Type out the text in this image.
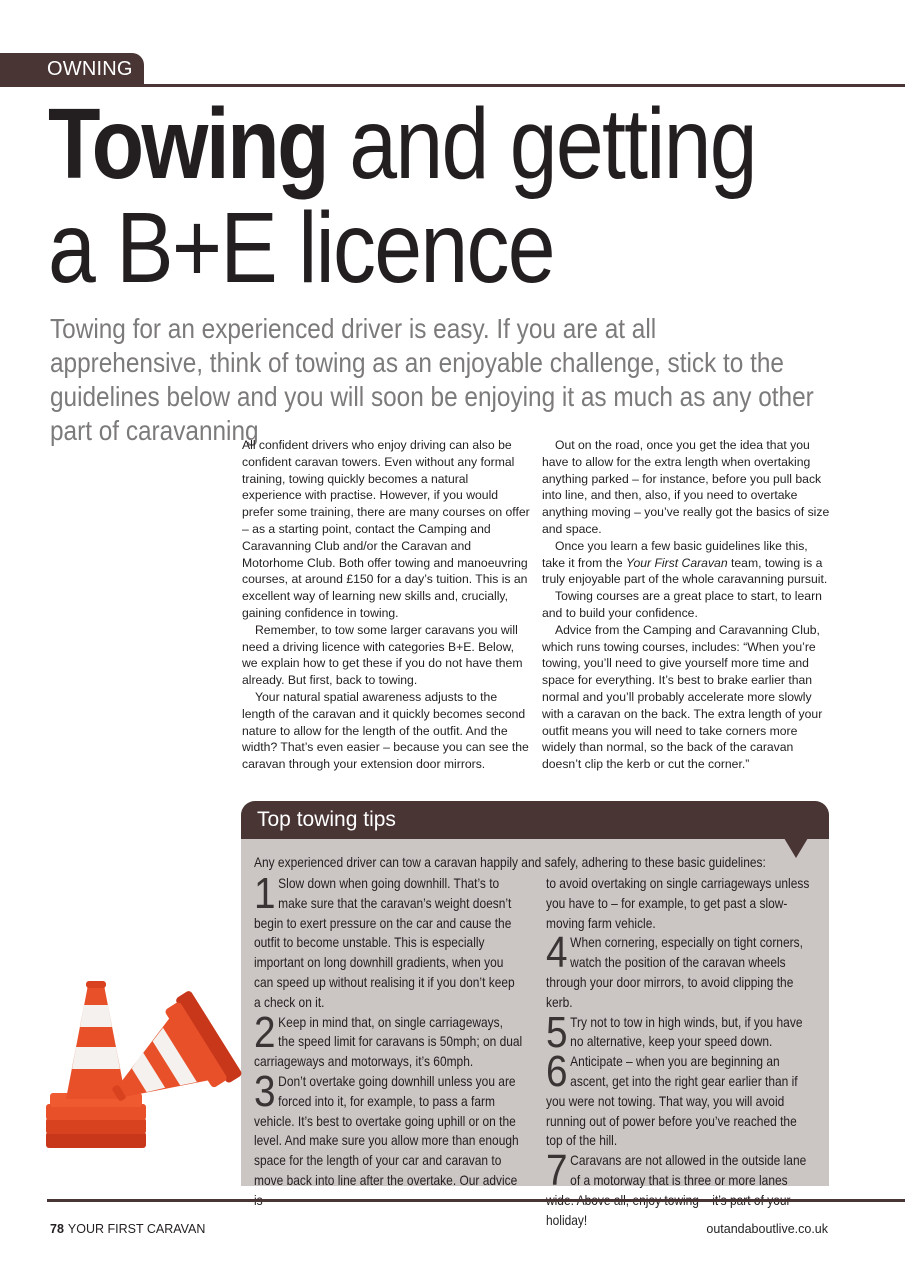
OWNING
Towing and getting
a B+E licence

Towing for an experienced driver is easy. If you are at all apprehensive, think of towing as an enjoyable challenge, stick to the guidelines below and you will soon be enjoying it as much as any other part of caravanning

All confident drivers who enjoy driving can also be confident caravan towers. Even without any formal training, towing quickly becomes a natural experience with practise. However, if you would prefer some training, there are many courses on offer – as a starting point, contact the Camping and Caravanning Club and/or the Caravan and Motorhome Club. Both offer towing and manoeuvring courses, at around £150 for a day’s tuition. This is an excellent way of learning new skills and, crucially, gaining confidence in towing.

Remember, to tow some larger caravans you will need a driving licence with categories B+E. Below, we explain how to get these if you do not have them already. But first, back to towing.

Your natural spatial awareness adjusts to the length of the caravan and it quickly becomes second nature to allow for the length of the outfit. And the width? That’s even easier – because you can see the caravan through your extension door mirrors.

Out on the road, once you get the idea that you have to allow for the extra length when overtaking anything parked – for instance, before you pull back into line, and then, also, if you need to overtake anything moving – you’ve really got the basics of size and space.

Once you learn a few basic guidelines like this, take it from the Your First Caravan team, towing is a truly enjoyable part of the whole caravanning pursuit.

Towing courses are a great place to start, to learn and to build your confidence.

Advice from the Camping and Caravanning Club, which runs towing courses, includes: “When you’re towing, you’ll need to give yourself more time and space for everything. It’s best to brake earlier than normal and you’ll probably accelerate more slowly with a caravan on the back. The extra length of your outfit means you will need to take corners more widely than normal, so the back of the caravan doesn’t clip the kerb or cut the corner.”

Top towing tips
Any experienced driver can tow a caravan happily and safely, adhering to these basic guidelines:

1 Slow down when going downhill. That’s to make sure that the caravan’s weight doesn’t begin to exert pressure on the car and cause the outfit to become unstable. This is especially important on long downhill gradients, when you can speed up without realising it if you don’t keep a check on it.

2 Keep in mind that, on single carriageways, the speed limit for caravans is 50mph; on dual carriageways and motorways, it’s 60mph.

3 Don’t overtake going downhill unless you are forced into it, for example, to pass a farm vehicle. It’s best to overtake going uphill or on the level. And make sure you allow more than enough space for the length of your car and caravan to move back into line after the overtake. Our advice

to avoid overtaking on single carriageways unless you have to – for example, to get past a slow-moving farm vehicle.

4 When cornering, especially on tight corners, watch the position of the caravan wheels through your door mirrors, to avoid clipping the kerb.

5 Try not to tow in high winds, but, if you have no alternative, keep your speed down.

6 Anticipate – when you are beginning an ascent, get into the right gear earlier than if you were not towing. That way, you will avoid running out of power before you’ve reached the top of the hill.

7 Caravans are not allowed in the outside lane of a motorway that is three or more lanes holiday!

78 YOUR FIRST CARAVAN	outandaboutlive.co.uk
